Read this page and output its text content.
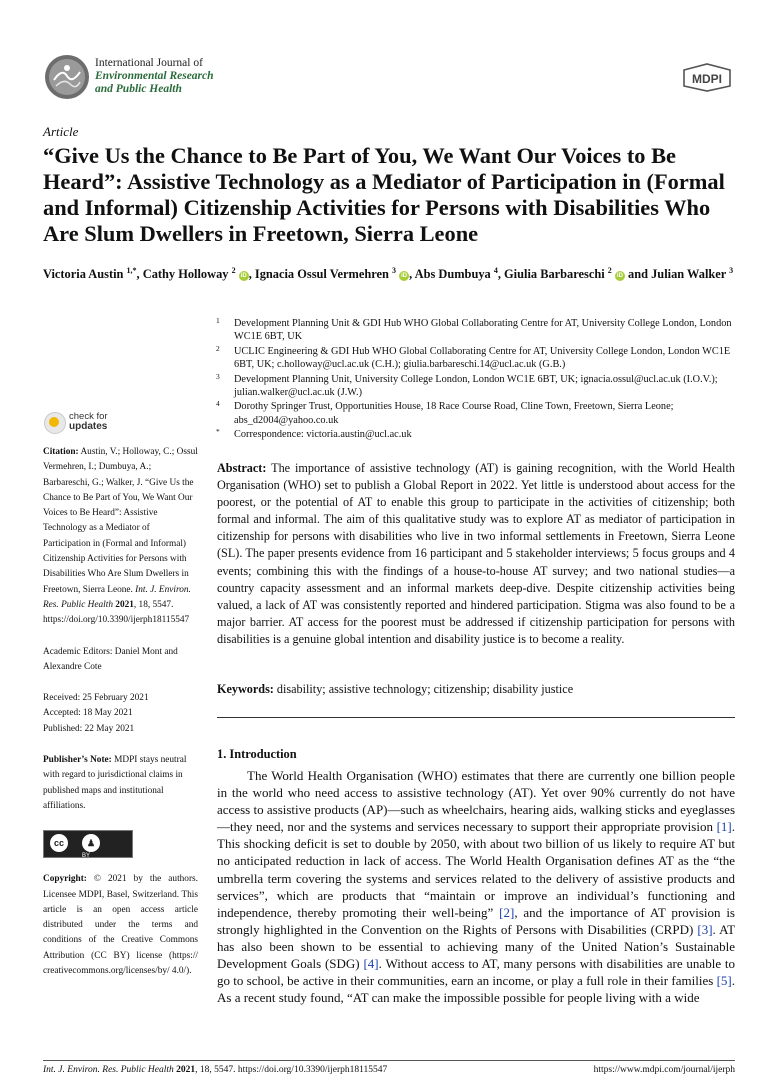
International Journal of
Environmental Research
and Public Health
MDPI
Article
“Give Us the Chance to Be Part of You, We Want Our Voices to Be Heard”: Assistive Technology as a Mediator of Participation in (Formal and Informal) Citizenship Activities for Persons with Disabilities Who Are Slum Dwellers in Freetown, Sierra Leone
Victoria Austin $^{1,*}$, Cathy Holloway $^2$ iD , Ignacia Ossul Vermehren $^3$ iD , Abs Dumbuya $^4$, Giulia Barbareschi $^2$ iD and Julian Walker $^3$
1 Development Planning Unit & GDI Hub WHO Global Collaborating Centre for AT, University College London, London WC1E 6BT, UK
2 UCLIC Engineering & GDI Hub WHO Global Collaborating Centre for AT, University College London, London WC1E 6BT, UK; c.holloway@ucl.ac.uk (C.H.); giulia.barbareschi.14@ucl.ac.uk (G.B.)
3 Development Planning Unit, University College London, London WC1E 6BT, UK; ignacia.ossul@ucl.ac.uk (I.O.V.); julian.walker@ucl.ac.uk (J.W.)
4 Dorothy Springer Trust, Opportunities House, 18 Race Course Road, Cline Town, Freetown, Sierra Leone; abs_d2004@yahoo.co.uk
* Correspondence: victoria.austin@ucl.ac.uk
check for
updates

Citation: Austin, V.; Holloway, C.; Ossul Vermehren, I.; Dumbuya, A.; Barbareschi, G.; Walker, J. “Give Us the Chance to Be Part of You, We Want Our Voices to Be Heard”: Assistive Technology as a Mediator of Participation in (Formal and Informal) Citizenship Activities for Persons with Disabilities Who Are Slum Dwellers in Freetown, Sierra Leone. Int. J. Environ. Res. Public Health 2021, 18, 5547. https://doi.org/10.3390/ijerph18115547

Academic Editors: Daniel Mont and Alexandre Cote

Received: 25 February 2021

Accepted: 18 May 2021

Published: 22 May 2021

Publisher’s Note: MDPI stays neutral with regard to jurisdictional claims in published maps and institutional affiliations.

cc	♟
BY

Copyright: © 2021 by the authors. Licensee MDPI, Basel, Switzerland. This article is an open access article distributed under the terms and conditions of the Creative Commons Attribution (CC BY) license (https:// creativecommons.org/licenses/by/ 4.0/).

Abstract: The importance of assistive technology (AT) is gaining recognition, with the World Health Organisation (WHO) set to publish a Global Report in 2022. Yet little is understood about access for the poorest, or the potential of AT to enable this group to participate in the activities of citizenship; both formal and informal. The aim of this qualitative study was to explore AT as mediator of participation in citizenship for persons with disabilities who live in two informal settlements in Freetown, Sierra Leone (SL). The paper presents evidence from 16 participant and 5 stakeholder interviews; 5 focus groups and 4 events; combining this with the findings of a house-to-house AT survey; and two national studies—a country capacity assessment and an informal markets deep-dive. Despite citizenship activities being valued, a lack of AT was consistently reported and hindered participation. Stigma was also found to be a major barrier. AT access for the poorest must be addressed if citizenship participation for persons with disabilities is a genuine global intention and disability justice is to become a reality.

Keywords: disability; assistive technology; citizenship; disability justice

1. Introduction

The World Health Organisation (WHO) estimates that there are currently one billion people in the world who need access to assistive technology (AT). Yet over 90% currently do not have access to assistive products (AP)—such as wheelchairs, hearing aids, walking sticks and eyeglasses—they need, nor and the systems and services necessary to support their appropriate provision [1]. This shocking deficit is set to double by 2050, with about two billion of us likely to require AT but no anticipated reduction in lack of access. The World Health Organisation defines AT as the “the umbrella term covering the systems and services related to the delivery of assistive products and services”, which are products that “maintain or improve an individual’s functioning and independence, thereby promoting their well-being” [2], and the importance of AT provision is strongly highlighted in the Convention on the Rights of Persons with Disabilities (CRPD) [3]. AT has also been shown to be essential to achieving many of the United Nation’s Sustainable Development Goals (SDG) [4]. Without access to AT, many persons with disabilities are unable to go to school, be active in their communities, earn an income, or play a full role in their families [5]. As a recent study found, “AT can make the impossible possible for people living with a wide

Int. J. Environ. Res. Public Health 2021, 18, 5547. https://doi.org/10.3390/ijerph18115547	https://www.mdpi.com/journal/ijerph
